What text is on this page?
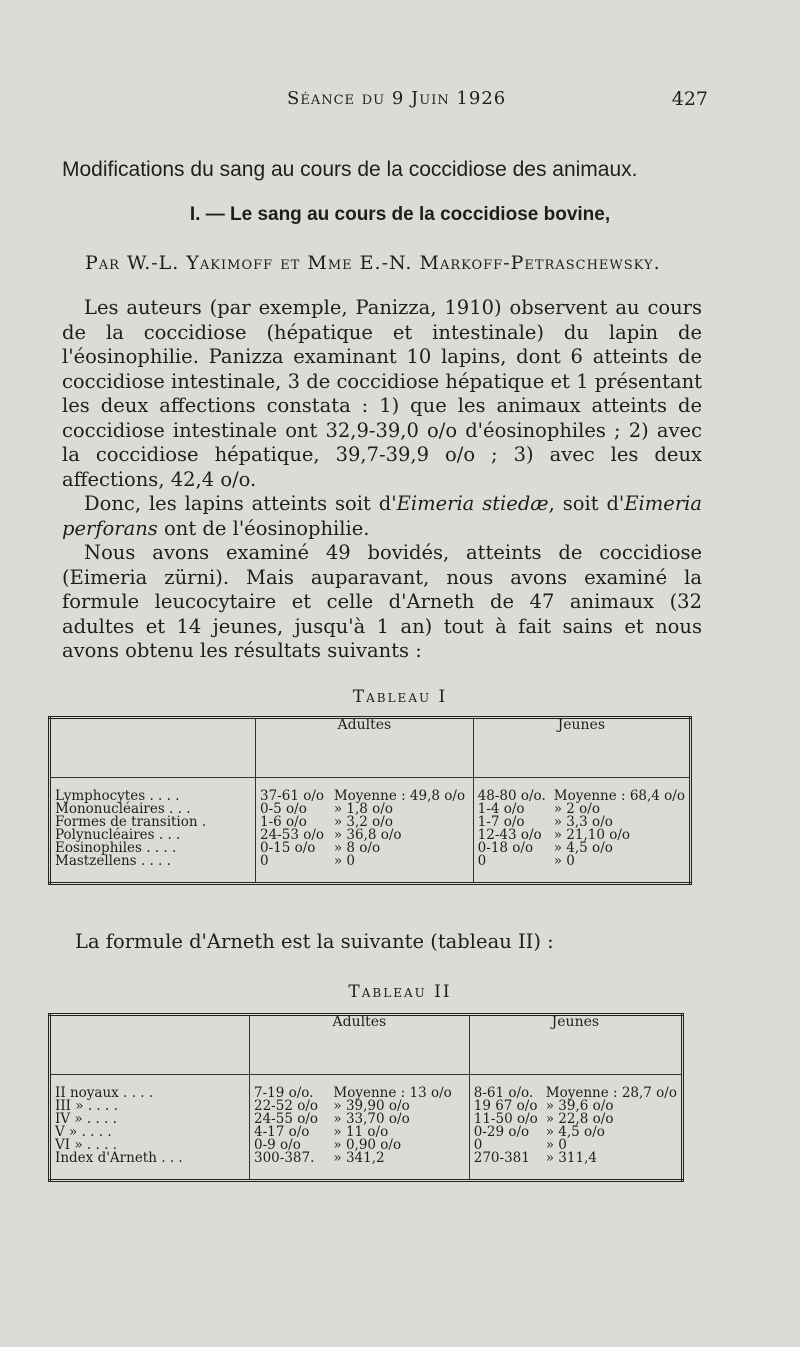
Séance du 9 Juin 1926	427
Modifications du sang au cours de la coccidiose des animaux.
I. — Le sang au cours de la coccidiose bovine,
Par W.-L. Yakimoff et Mme E.-N. Markoff-Petraschewsky.

Les auteurs (par exemple, Panizza, 1910) observent au cours de la coccidiose (hépatique et intestinale) du lapin de l'éosinophilie. Panizza examinant 10 lapins, dont 6 atteints de coccidiose intestinale, 3 de coccidiose hépatique et 1 présentant les deux affections constata : 1) que les animaux atteints de coccidiose intestinale ont 32,9-39,0 o/o d'éosinophiles ; 2) avec la coccidiose hépatique, 39,7-39,9 o/o ; 3) avec les deux affections, 42,4 o/o.

Donc, les lapins atteints soit d'Eimeria stiedæ, soit d'Eimeria perforans ont de l'éosinophilie.

Nous avons examiné 49 bovidés, atteints de coccidiose (Eimeria zürni). Mais auparavant, nous avons examiné la formule leucocytaire et celle d'Arneth de 47 animaux (32 adultes et 14 jeunes, jusqu'à 1 an) tout à fait sains et nous avons obtenu les résultats suivants :

Tableau I
	Adultes		Jeunes	

Lymphocytes . . . .	37-61 o/o	Moyenne : 49,8 o/o	48-80 o/o.	Moyenne : 68,4 o/o
Mononucléaires . . .	0-5 o/o	» 1,8 o/o	1-4 o/o	» 2 o/o
Formes de transition .	1-6 o/o	» 3,2 o/o	1-7 o/o	» 3,3 o/o
Polynucléaires . . .	24-53 o/o	» 36,8 o/o	12-43 o/o	» 21,10 o/o
Eosinophiles . . . .	0-15 o/o	» 8 o/o	0-18 o/o	» 4,5 o/o
Mastzellens . . . .	0	» 0	0	» 0

La formule d'Arneth est la suivante (tableau II) :
Tableau II
	Adultes		Jeunes	

II noyaux . . . .	7-19 o/o.	Moyenne : 13 o/o	8-61 o/o.	Moyenne : 28,7 o/o
III » . . . .	22-52 o/o	» 39,90 o/o	19 67 o/o	» 39,6 o/o
IV » . . . .	24-55 o/o	» 33,70 o/o	11-50 o/o	» 22,8 o/o
V » . . . .	4-17 o/o	» 11 o/o	0-29 o/o	» 4,5 o/o
VI » . . . .	0-9 o/o	» 0,90 o/o	0	» 0
Index d'Arneth . . .	300-387.	» 341,2	270-381	» 311,4
